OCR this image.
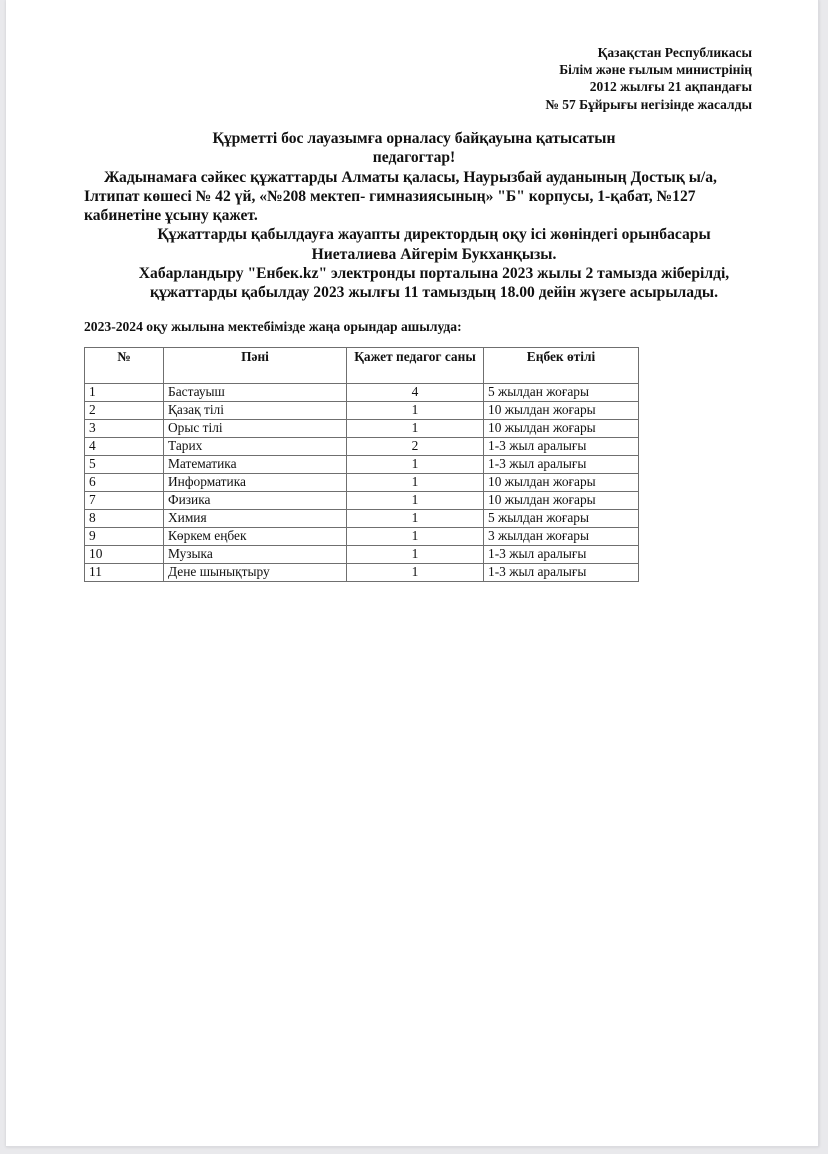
Қазақстан Республикасы
Білім және ғылым министрінің
2012 жылғы 21 ақпандағы
№ 57 Бұйрығы негізінде жасалды
Құрметті бос лауазымға орналасу байқауына қатысатын
педагогтар!
Жадынамаға сәйкес құжаттарды Алматы қаласы, Наурызбай ауданының Достық ы/а,
Ілтипат көшесі № 42 үй, «№208 мектеп- гимназиясының» "Б" корпусы, 1-қабат, №127
кабинетіне ұсыну қажет.
Құжаттарды қабылдауға жауапты директордың оқу ісі жөніндегі орынбасары
Ниеталиева Айгерім Букханқызы.
Хабарландыру "Енбек.kz" электронды порталына 2023 жылы 2 тамызда жіберілді,
құжаттарды қабылдау 2023 жылғы 11 тамыздың 18.00 дейін жүзеге асырылады.
2023-2024 оқу жылына мектебімізде жаңа орындар ашылуда:
№	Пәні	Қажет педагог саны	Еңбек өтілі
1	Бастауыш	4	5 жылдан жоғары
2	Қазақ тілі	1	10 жылдан жоғары
3	Орыс тілі	1	10 жылдан жоғары
4	Тарих	2	1-3 жыл аралығы
5	Математика	1	1-3 жыл аралығы
6	Информатика	1	10 жылдан жоғары
7	Физика	1	10 жылдан жоғары
8	Химия	1	5 жылдан жоғары
9	Көркем еңбек	1	3 жылдан жоғары
10	Музыка	1	1-3 жыл аралығы
11	Дене шынықтыру	1	1-3 жыл аралығы
